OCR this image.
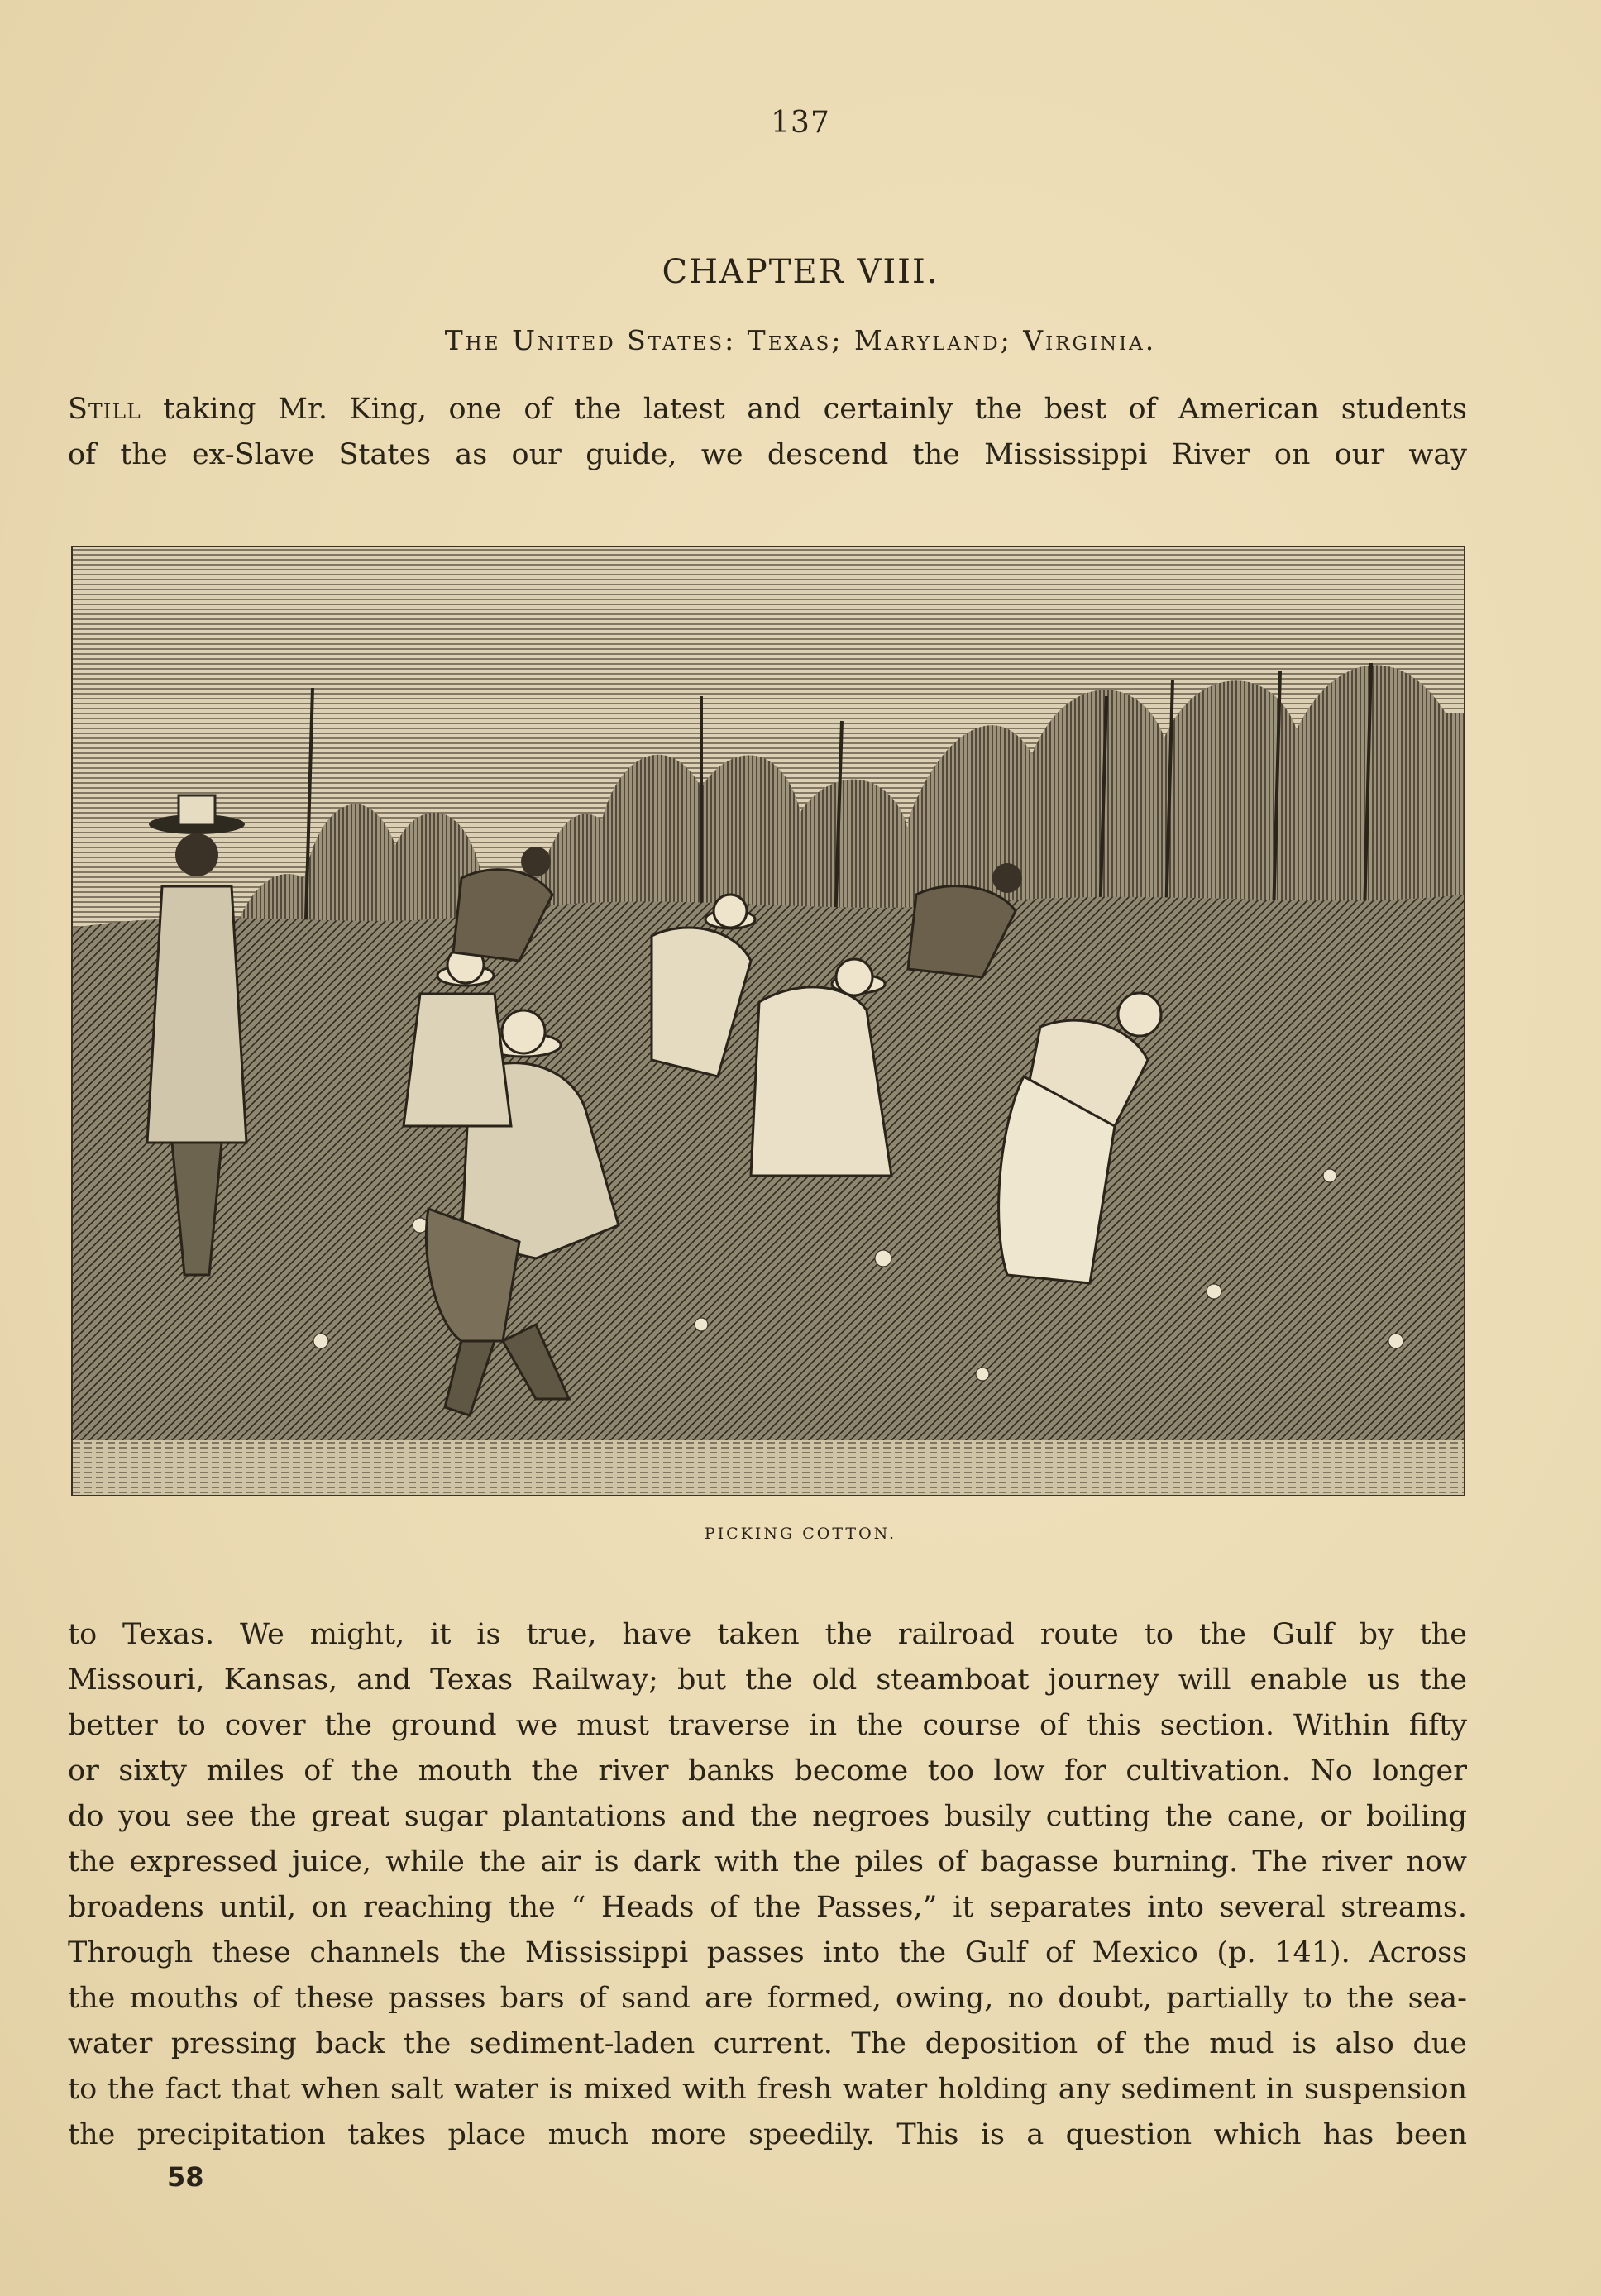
137
CHAPTER VIII.
The United States: Texas; Maryland; Virginia.
Still taking Mr. King, one of the latest and certainly the best of American students
of the ex-Slave States as our guide, we descend the Mississippi River on our way
PICKING COTTON.
to Texas. We might, it is true, have taken the railroad route to the Gulf by the
Missouri, Kansas, and Texas Railway; but the old steamboat journey will enable us the
better to cover the ground we must traverse in the course of this section. Within fifty
or sixty miles of the mouth the river banks become too low for cultivation. No longer
do you see the great sugar plantations and the negroes busily cutting the cane, or boiling
the expressed juice, while the air is dark with the piles of bagasse burning. The river now
broadens until, on reaching the “ Heads of the Passes,” it separates into several streams.
Through these channels the Mississippi passes into the Gulf of Mexico (p. 141). Across
the mouths of these passes bars of sand are formed, owing, no doubt, partially to the sea-
water pressing back the sediment-laden current. The deposition of the mud is also due
to the fact that when salt water is mixed with fresh water holding any sediment in suspension
the precipitation takes place much more speedily. This is a question which has been
58
